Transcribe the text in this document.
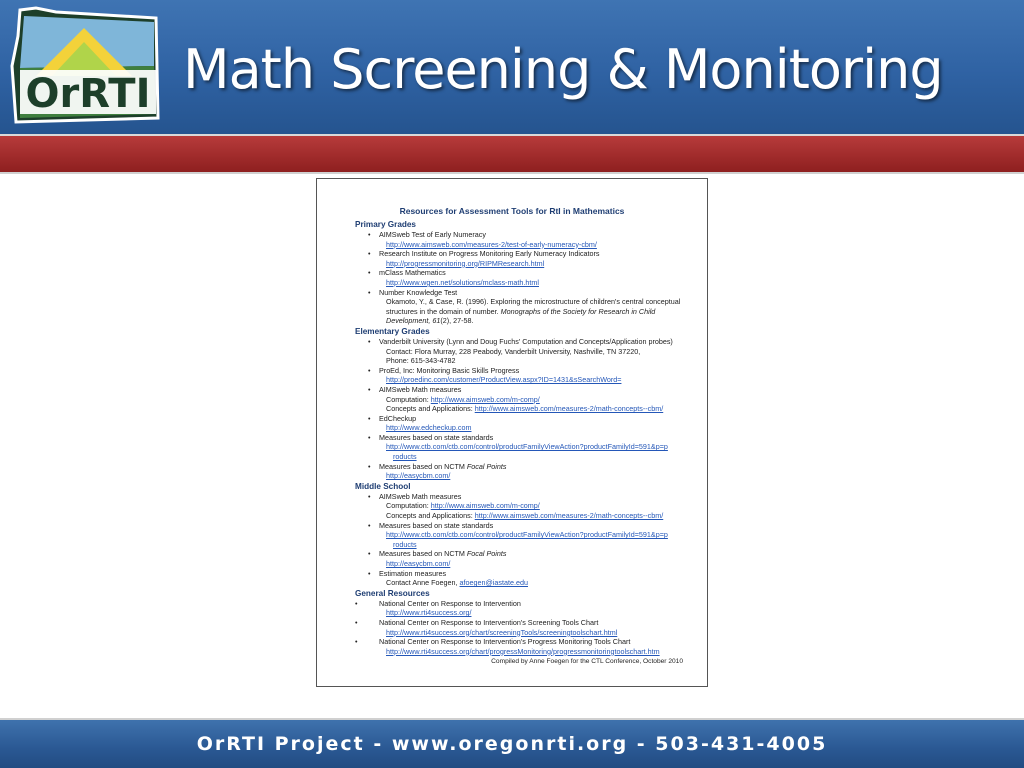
OrRTI Math Screening & Monitoring
Resources for Assessment Tools for RtI in Mathematics
Primary Grades
• AIMSweb Test of Early Numeracy
http://www.aimsweb.com/measures-2/test-of-early-numeracy-cbm/
• Research Institute on Progress Monitoring Early Numeracy Indicators
http://progressmonitoring.org/RIPMResearch.html
• mClass Mathematics
http://www.wgen.net/solutions/mclass-math.html
• Number Knowledge Test
Okamoto, Y., & Case, R. (1996). Exploring the microstructure of children's central conceptual
structures in the domain of number. Monographs of the Society for Research in Child
Development, 61(2), 27-58.
Elementary Grades
• Vanderbilt University (Lynn and Doug Fuchs' Computation and Concepts/Application probes)
Contact: Flora Murray, 228 Peabody, Vanderbilt University, Nashville, TN 37220,
Phone: 615-343-4782
• ProEd, Inc: Monitoring Basic Skills Progress
http://proedinc.com/customer/ProductView.aspx?ID=1431&sSearchWord=
• AIMSweb Math measures
Computation: http://www.aimsweb.com/m-comp/
Concepts and Applications: http://www.aimsweb.com/measures-2/math-concepts--cbm/
• EdCheckup
http://www.edcheckup.com
• Measures based on state standards
http://www.ctb.com/ctb.com/control/productFamilyViewAction?productFamilyId=591&p=p
roducts
• Measures based on NCTM Focal Points
http://easycbm.com/
Middle School
• AIMSweb Math measures
Computation: http://www.aimsweb.com/m-comp/
Concepts and Applications: http://www.aimsweb.com/measures-2/math-concepts--cbm/
• Measures based on state standards
http://www.ctb.com/ctb.com/control/productFamilyViewAction?productFamilyId=591&p=p
roducts
• Measures based on NCTM Focal Points
http://easycbm.com/
• Estimation measures
Contact Anne Foegen, afoegen@iastate.edu
General Resources
• National Center on Response to Intervention
http://www.rti4success.org/
• National Center on Response to Intervention's Screening Tools Chart
http://www.rti4success.org/chart/screeningTools/screeningtoolschart.html
• National Center on Response to Intervention's Progress Monitoring Tools Chart
http://www.rti4success.org/chart/progressMonitoring/progressmonitoringtoolschart.htm
Compiled by Anne Foegen for the CTL Conference, October 2010
OrRTI Project - www.oregonrti.org - 503-431-4005
